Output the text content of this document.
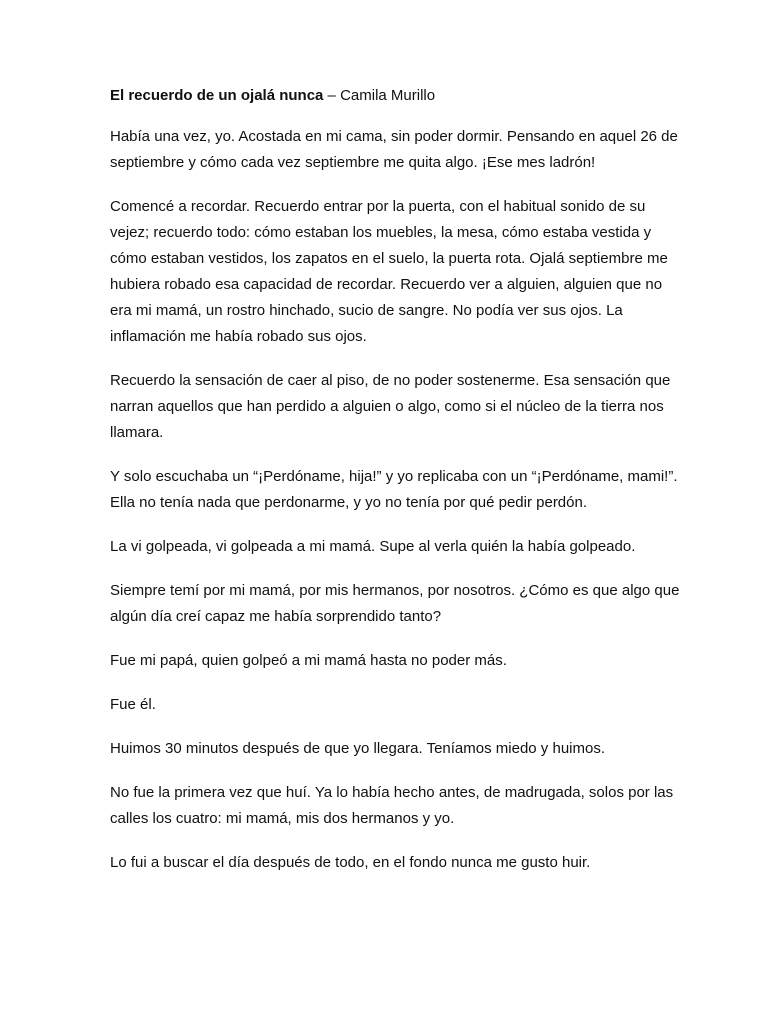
El recuerdo de un ojalá nunca – Camila Murillo

Había una vez, yo. Acostada en mi cama, sin poder dormir. Pensando en aquel 26 de septiembre y cómo cada vez septiembre me quita algo. ¡Ese mes ladrón!

Comencé a recordar. Recuerdo entrar por la puerta, con el habitual sonido de su vejez; recuerdo todo: cómo estaban los muebles, la mesa, cómo estaba vestida y cómo estaban vestidos, los zapatos en el suelo, la puerta rota. Ojalá septiembre me hubiera robado esa capacidad de recordar. Recuerdo ver a alguien, alguien que no era mi mamá, un rostro hinchado, sucio de sangre. No podía ver sus ojos. La inflamación me había robado sus ojos.

Recuerdo la sensación de caer al piso, de no poder sostenerme. Esa sensación que narran aquellos que han perdido a alguien o algo, como si el núcleo de la tierra nos llamara.

Y solo escuchaba un “¡Perdóname, hija!” y yo replicaba con un “¡Perdóname, mami!”. Ella no tenía nada que perdonarme, y yo no tenía por qué pedir perdón.

La vi golpeada, vi golpeada a mi mamá. Supe al verla quién la había golpeado.

Siempre temí por mi mamá, por mis hermanos, por nosotros. ¿Cómo es que algo que algún día creí capaz me había sorprendido tanto?

Fue mi papá, quien golpeó a mi mamá hasta no poder más.

Fue él.

Huimos 30 minutos después de que yo llegara. Teníamos miedo y huimos.

No fue la primera vez que huí. Ya lo había hecho antes, de madrugada, solos por las calles los cuatro: mi mamá, mis dos hermanos y yo.

Lo fui a buscar el día después de todo, en el fondo nunca me gusto huir.
